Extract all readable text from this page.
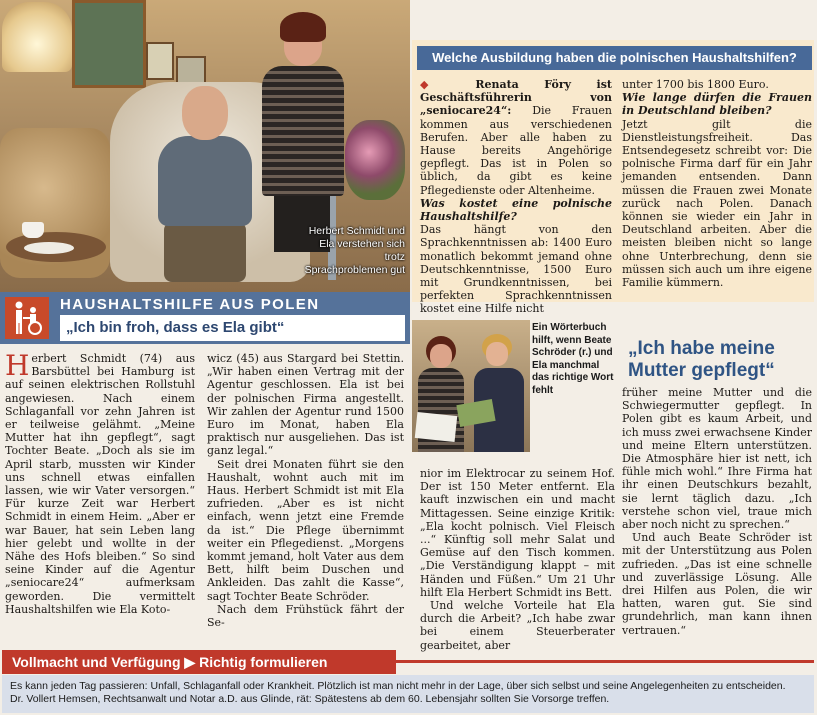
Herbert Schmidt und Ela verstehen sich trotz Sprachproblemen gut
HAUSHALTSHILFE AUS POLEN
„Ich bin froh, dass es Ela gibt“

Herbert Schmidt (74) aus Barsbüttel bei Hamburg ist auf seinen elektrischen Rollstuhl angewiesen. Nach einem Schlaganfall vor zehn Jahren ist er teilweise gelähmt. „Meine Mutter hat ihn gepflegt“, sagt Tochter Beate. „Doch als sie im April starb, mussten wir Kinder uns schnell etwas einfallen lassen, wie wir Vater versorgen.“ Für kurze Zeit war Herbert Schmidt in einem Heim. „Aber er war Bauer, hat sein Leben lang hier gelebt und wollte in der Nähe des Hofs bleiben.“ So sind seine Kinder auf die Agentur „seniocare24“ aufmerksam geworden. Die vermittelt Haushaltshilfen wie Ela Koto-

wicz (45) aus Stargard bei Stettin. „Wir haben einen Vertrag mit der Agentur geschlossen. Ela ist bei der polnischen Firma angestellt. Wir zahlen der Agentur rund 1500 Euro im Monat, haben Ela praktisch nur ausgeliehen. Das ist ganz legal.“

Seit drei Monaten führt sie den Haushalt, wohnt auch mit im Haus. Herbert Schmidt ist mit Ela zufrieden. „Aber es ist nicht einfach, wenn jetzt eine Fremde da ist.“ Die Pflege übernimmt weiter ein Pflegedienst. „Morgens kommt jemand, holt Vater aus dem Bett, hilft beim Duschen und Ankleiden. Das zahlt die Kasse“, sagt Tochter Beate Schröder.

Nach dem Frühstück fährt der Se-

Welche Ausbildung haben die polnischen Haushaltshilfen?

◆ Renata Föry ist Geschäftsführerin von „seniocare24“: Die Frauen kommen aus verschiedenen Berufen. Aber alle haben zu Hause bereits Angehörige gepflegt. Das ist in Polen so üblich, da gibt es keine Pflegedienste oder Altenheime.

Was kostet eine polnische Haushaltshilfe?

Das hängt von den Sprachkenntnissen ab: 1400 Euro monatlich bekommt jemand ohne Deutschkenntnisse, 1500 Euro mit Grundkenntnissen, bei perfekten Sprachkenntnissen kostet eine Hilfe nicht

unter 1700 bis 1800 Euro.

Wie lange dürfen die Frauen in Deutschland bleiben?

Jetzt gilt die Dienstleistungsfreiheit. Das Entsendegesetz schreibt vor: Die polnische Firma darf für ein Jahr jemanden entsenden. Dann müssen die Frauen zwei Monate zurück nach Polen. Danach können sie wieder ein Jahr in Deutschland arbeiten. Aber die meisten bleiben nicht so lange ohne Unterbrechung, denn sie müssen sich auch um ihre eigene Familie kümmern.

Ein Wörterbuch hilft, wenn Beate Schröder (r.) und Ela manchmal das richtige Wort fehlt

nior im Elektrocar zu seinem Hof. Der ist 150 Meter entfernt. Ela kauft inzwischen ein und macht Mittagessen. Seine einzige Kritik: „Ela kocht polnisch. Viel Fleisch ...“ Künftig soll mehr Salat und Gemüse auf den Tisch kommen. „Die Verständigung klappt – mit Händen und Füßen.“ Um 21 Uhr hilft Ela Herbert Schmidt ins Bett.

Und welche Vorteile hat Ela durch die Arbeit? „Ich habe zwar bei einem Steuerberater gearbeitet, aber

„Ich habe meine Mutter gepflegt“

früher meine Mutter und die Schwiegermutter gepflegt. In Polen gibt es kaum Arbeit, und ich muss zwei erwachsene Kinder und meine Eltern unterstützen. Die Atmosphäre hier ist nett, ich fühle mich wohl.“ Ihre Firma hat ihr einen Deutschkurs bezahlt, sie lernt täglich dazu. „Ich verstehe schon viel, traue mich aber noch nicht zu sprechen.“

Und auch Beate Schröder ist mit der Unterstützung aus Polen zufrieden. „Das ist eine schnelle und zuverlässige Lösung. Alle drei Hilfen aus Polen, die wir hatten, waren gut. Sie sind grundehrlich, man kann ihnen vertrauen.“

Vollmacht und Verfügung ▶ Richtig formulieren

Es kann jeden Tag passieren: Unfall, Schlaganfall oder Krankheit. Plötzlich ist man nicht mehr in der Lage, über sich selbst und seine Angelegenheiten zu entscheiden.

Dr. Vollert Hemsen, Rechtsanwalt und Notar a.D. aus Glinde, rät: Spätestens ab dem 60. Lebensjahr sollten Sie Vorsorge treffen.
